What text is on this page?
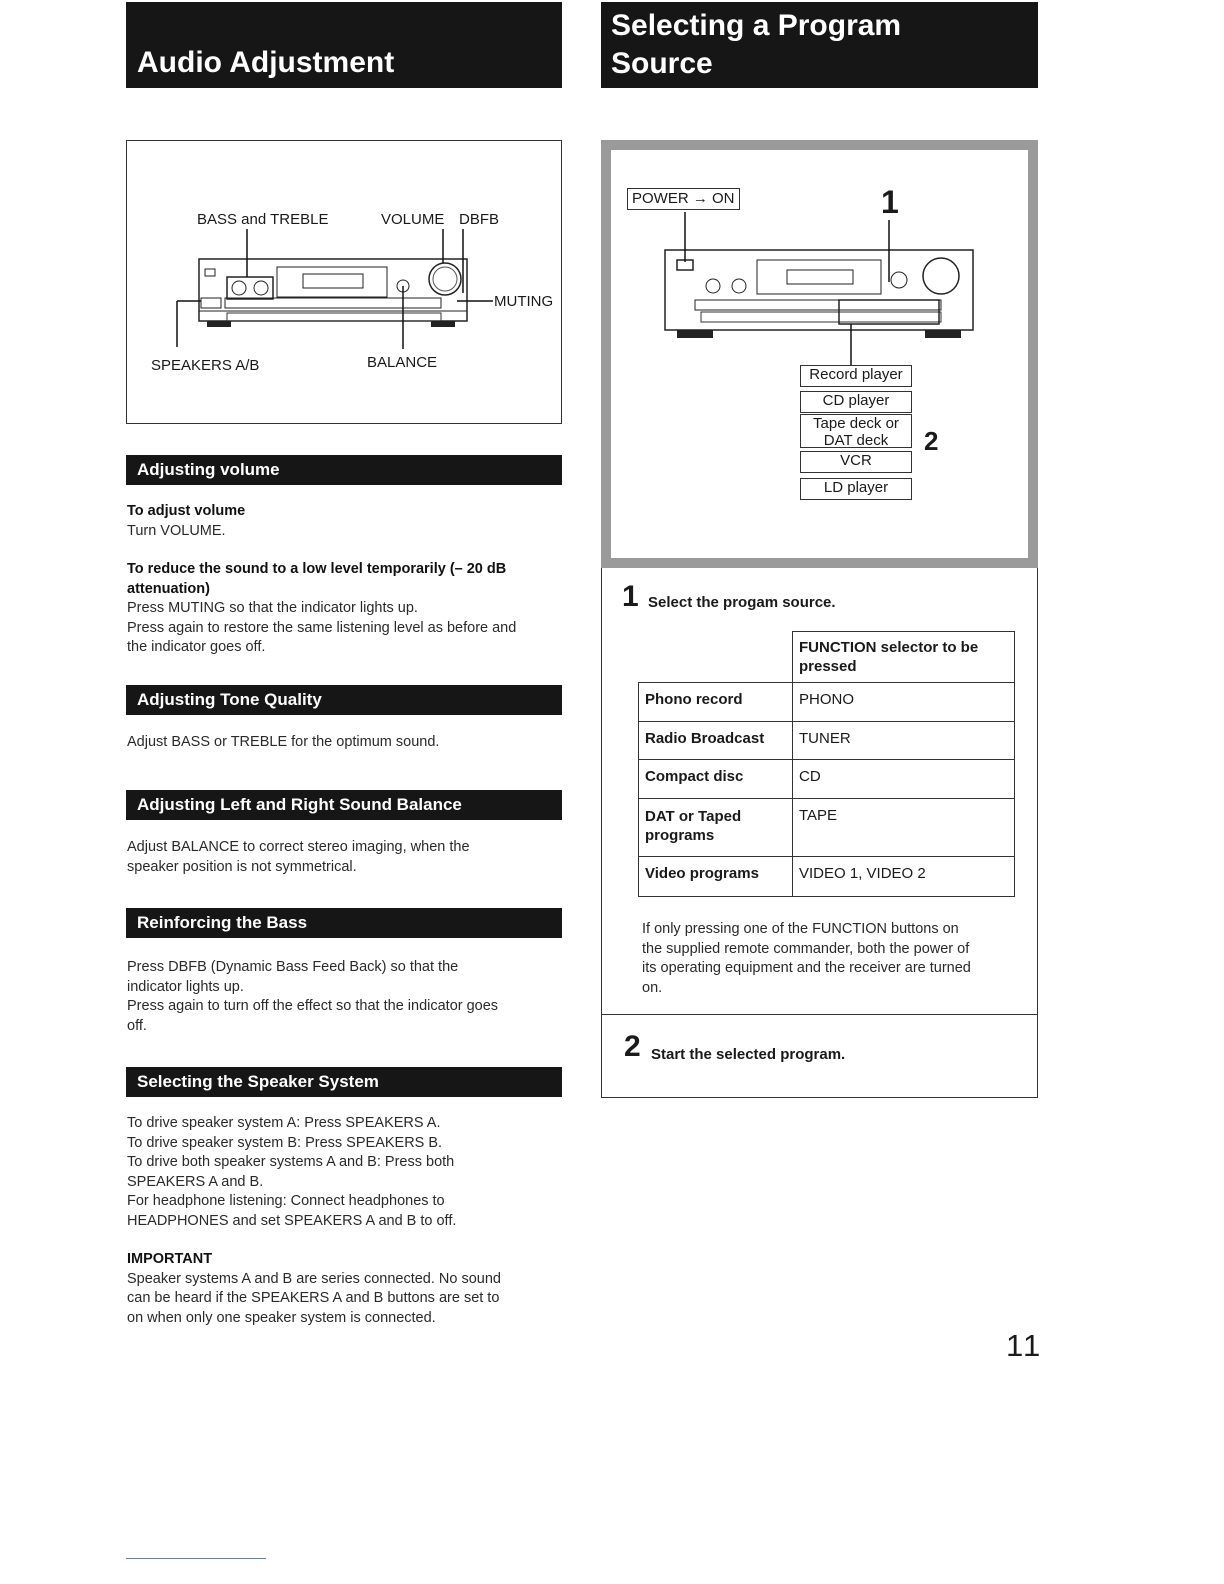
Audio Adjustment
BASS and TREBLE	VOLUME DBFB
MUTING
SPEAKERS A/B	BALANCE
Adjusting volume
To adjust volume
Turn VOLUME.
To reduce the sound to a low level temporarily (– 20 dB
attenuation)
Press MUTING so that the indicator lights up.
Press again to restore the same listening level as before and
the indicator goes off.
Adjusting Tone Quality
Adjust BASS or TREBLE for the optimum sound.
Adjusting Left and Right Sound Balance
Adjust BALANCE to correct stereo imaging, when the
speaker position is not symmetrical.
Reinforcing the Bass
Press DBFB (Dynamic Bass Feed Back) so that the
indicator lights up.
Press again to turn off the effect so that the indicator goes
off.
Selecting the Speaker System
To drive speaker system A: Press SPEAKERS A.
To drive speaker system B: Press SPEAKERS B.
To drive both speaker systems A and B: Press both
SPEAKERS A and B.
For headphone listening: Connect headphones to
HEADPHONES and set SPEAKERS A and B to off.
IMPORTANT
Speaker systems A and B are series connected. No sound
can be heard if the SPEAKERS A and B buttons are set to
on when only one speaker system is connected.
Selecting a Program
Source
POWER → ON	1
2
Record player
CD player
Tape deck or
DAT deck
VCR
LD player
1 Select the progam source.

	FUNCTION selector to be
pressed

Phono record	PHONO
Radio Broadcast	TUNER
Compact disc	CD

DAT or Taped
programs	TAPE
Video programs	VIDEO 1, VIDEO 2
If only pressing one of the FUNCTION buttons on
the supplied remote commander, both the power of
its operating equipment and the receiver are turned
on.
2 Start the selected program.
11
